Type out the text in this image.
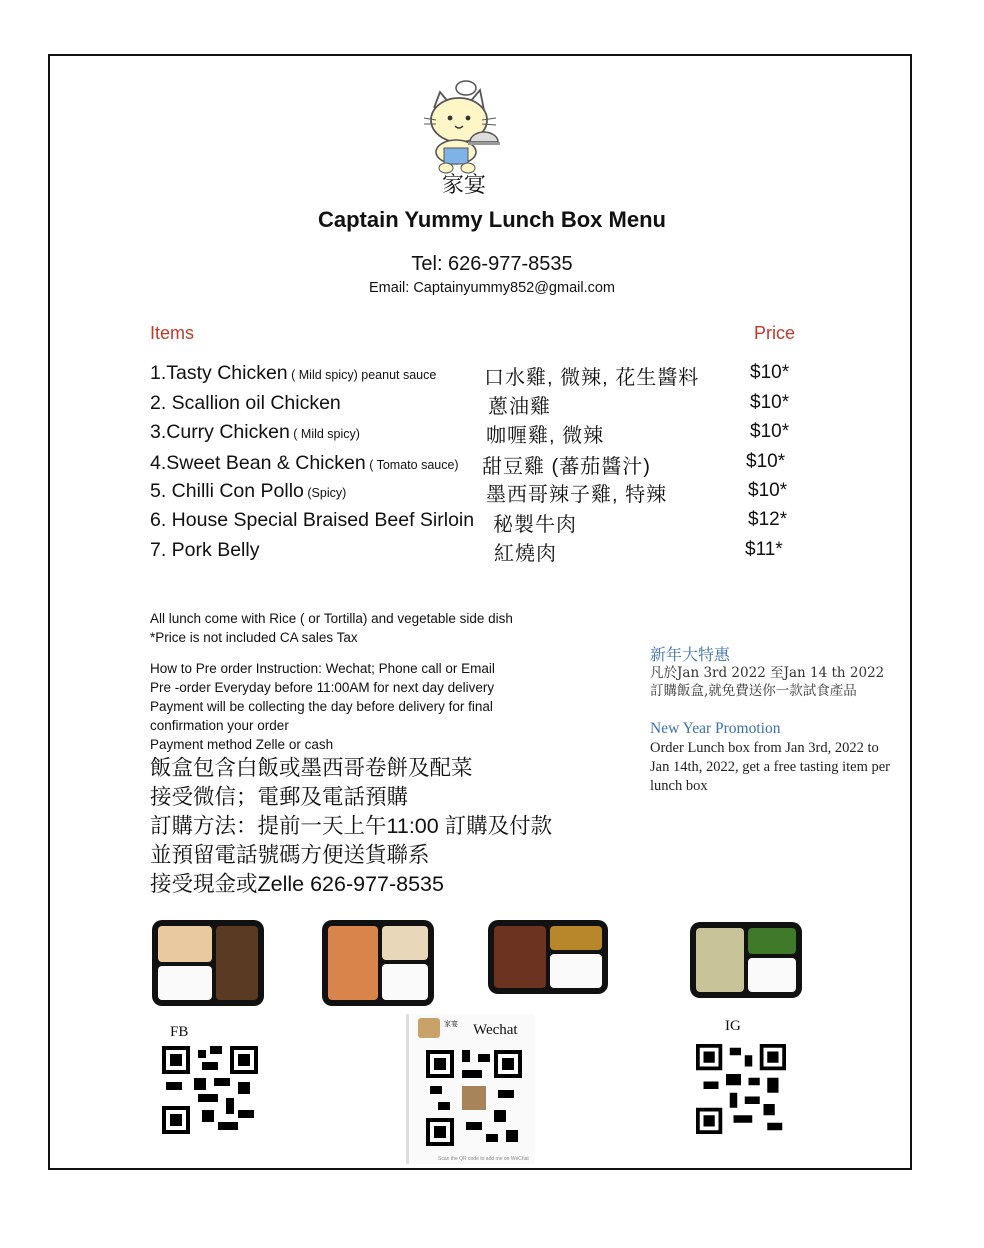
家宴
Captain Yummy Lunch Box Menu
Tel: 626-977-8535
Email: Captainyummy852@gmail.com
Items	Price
1.Tasty Chicken ( Mild spicy) peanut sauce 口水雞, 微辣, 花生醬料	$10*
2. Scallion oil Chicken	蔥油雞	$10*
3.Curry Chicken ( Mild spicy)	咖喱雞, 微辣	$10*
4.Sweet Bean & Chicken ( Tomato sauce) 甜豆雞 (蕃茄醬汁)	$10*
5. Chilli Con Pollo (Spicy)	墨西哥辣子雞, 特辣	$10*
6. House Special Braised Beef Sirloin 秘製牛肉	$12*
7. Pork Belly	紅燒肉	$11*
All lunch come with Rice ( or Tortilla) and vegetable side dish
*Price is not included CA sales Tax
How to Pre order Instruction: Wechat; Phone call or Email
Pre -order Everyday before 11:00AM for next day delivery
Payment will be collecting the day before delivery for final
confirmation your order
Payment method Zelle or cash
飯盒包含白飯或墨西哥卷餅及配菜
接受微信；電郵及電話預購
訂購方法：提前一天上午11:00 訂購及付款
並預留電話號碼方便送貨聯系
接受現金或Zelle 626-977-8535
新年大特惠
凡於Jan 3rd 2022 至Jan 14 th 2022
訂購飯盒,就免費送你一款試食產品
New Year Promotion
Order Lunch box from Jan 3rd, 2022 to
Jan 14th, 2022, get a free tasting item per
lunch box
FB	家宴 Wechat
Scan the QR code to add me on WeChat
IG
